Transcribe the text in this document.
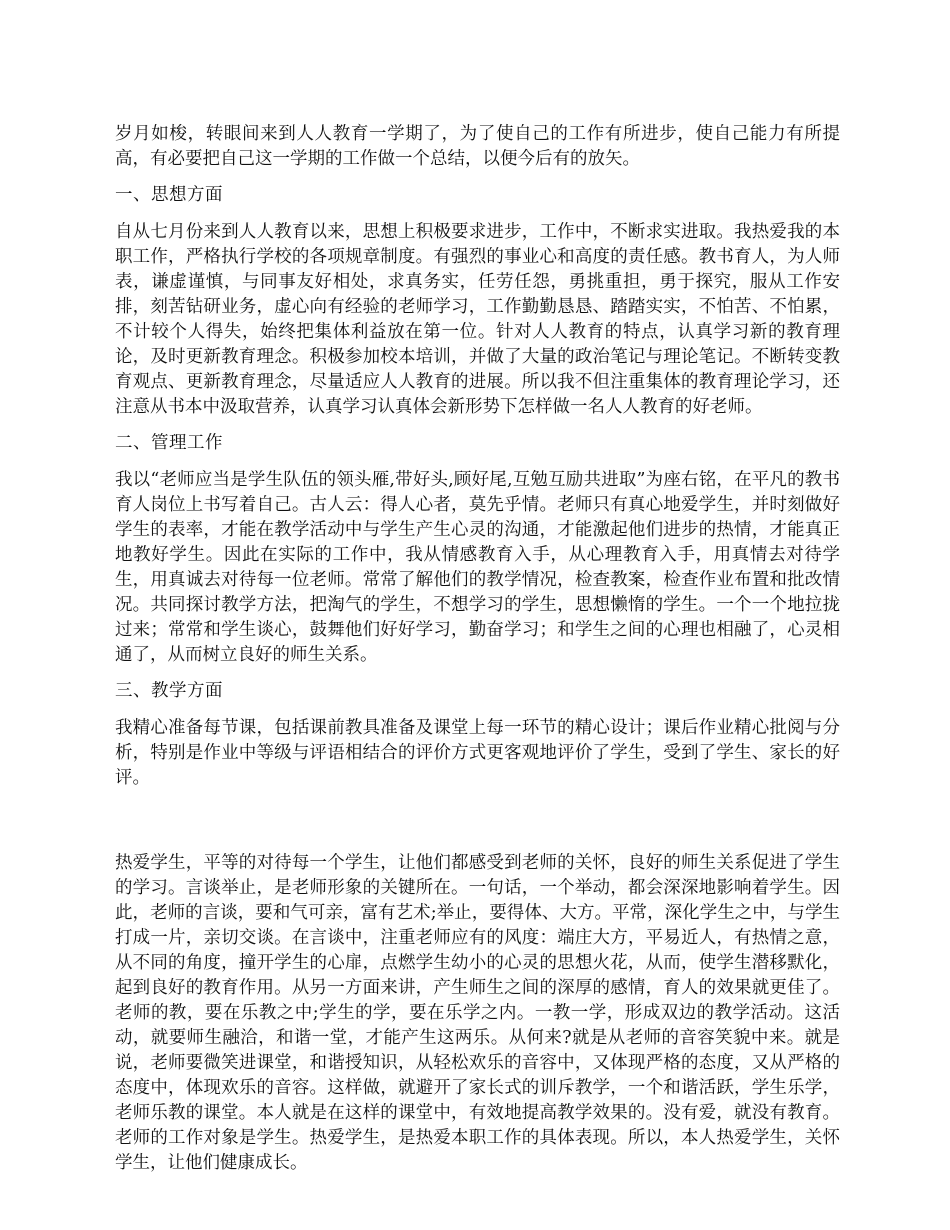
岁月如梭，转眼间来到人人教育一学期了，为了使自己的工作有所进步，使自己能力有所提高，有必要把自己这一学期的工作做一个总结，以便今后有的放矢。

一、思想方面

自从七月份来到人人教育以来，思想上积极要求进步，工作中，不断求实进取。我热爱我的本职工作，严格执行学校的各项规章制度。有强烈的事业心和高度的责任感。教书育人，为人师表，谦虚谨慎，与同事友好相处，求真务实，任劳任怨，勇挑重担，勇于探究，服从工作安排，刻苦钻研业务，虚心向有经验的老师学习，工作勤勤恳恳、踏踏实实，不怕苦、不怕累，不计较个人得失，始终把集体利益放在第一位。针对人人教育的特点，认真学习新的教育理论，及时更新教育理念。积极参加校本培训，并做了大量的政治笔记与理论笔记。不断转变教育观点、更新教育理念，尽量适应人人教育的进展。所以我不但注重集体的教育理论学习，还注意从书本中汲取营养，认真学习认真体会新形势下怎样做一名人人教育的好老师。

二、管理工作

我以“老师应当是学生队伍的领头雁,带好头,顾好尾,互勉互励共进取”为座右铭，在平凡的教书育人岗位上书写着自己。古人云：得人心者，莫先乎情。老师只有真心地爱学生，并时刻做好学生的表率，才能在教学活动中与学生产生心灵的沟通，才能激起他们进步的热情，才能真正地教好学生。因此在实际的工作中，我从情感教育入手，从心理教育入手，用真情去对待学生，用真诚去对待每一位老师。常常了解他们的教学情况，检查教案，检查作业布置和批改情况。共同探讨教学方法，把淘气的学生，不想学习的学生，思想懒惰的学生。一个一个地拉拢过来；常常和学生谈心，鼓舞他们好好学习，勤奋学习；和学生之间的心理也相融了，心灵相通了，从而树立良好的师生关系。

三、教学方面

我精心准备每节课，包括课前教具准备及课堂上每一环节的精心设计；课后作业精心批阅与分析，特别是作业中等级与评语相结合的评价方式更客观地评价了学生，受到了学生、家长的好评。

热爱学生，平等的对待每一个学生，让他们都感受到老师的关怀，良好的师生关系促进了学生的学习。言谈举止，是老师形象的关键所在。一句话，一个举动，都会深深地影响着学生。因此，老师的言谈，要和气可亲，富有艺术;举止，要得体、大方。平常，深化学生之中，与学生打成一片，亲切交谈。在言谈中，注重老师应有的风度：端庄大方，平易近人，有热情之意，从不同的角度，撞开学生的心扉，点燃学生幼小的心灵的思想火花，从而，使学生潜移默化，起到良好的教育作用。从另一方面来讲，产生师生之间的深厚的感情，育人的效果就更佳了。老师的教，要在乐教之中;学生的学，要在乐学之内。一教一学，形成双边的教学活动。这活动，就要师生融洽，和谐一堂，才能产生这两乐。从何来?就是从老师的音容笑貌中来。就是说，老师要微笑进课堂，和谐授知识，从轻松欢乐的音容中，又体现严格的态度，又从严格的态度中，体现欢乐的音容。这样做，就避开了家长式的训斥教学，一个和谐活跃，学生乐学，老师乐教的课堂。本人就是在这样的课堂中，有效地提高教学效果的。没有爱，就没有教育。老师的工作对象是学生。热爱学生，是热爱本职工作的具体表现。所以，本人热爱学生，关怀学生，让他们健康成长。
